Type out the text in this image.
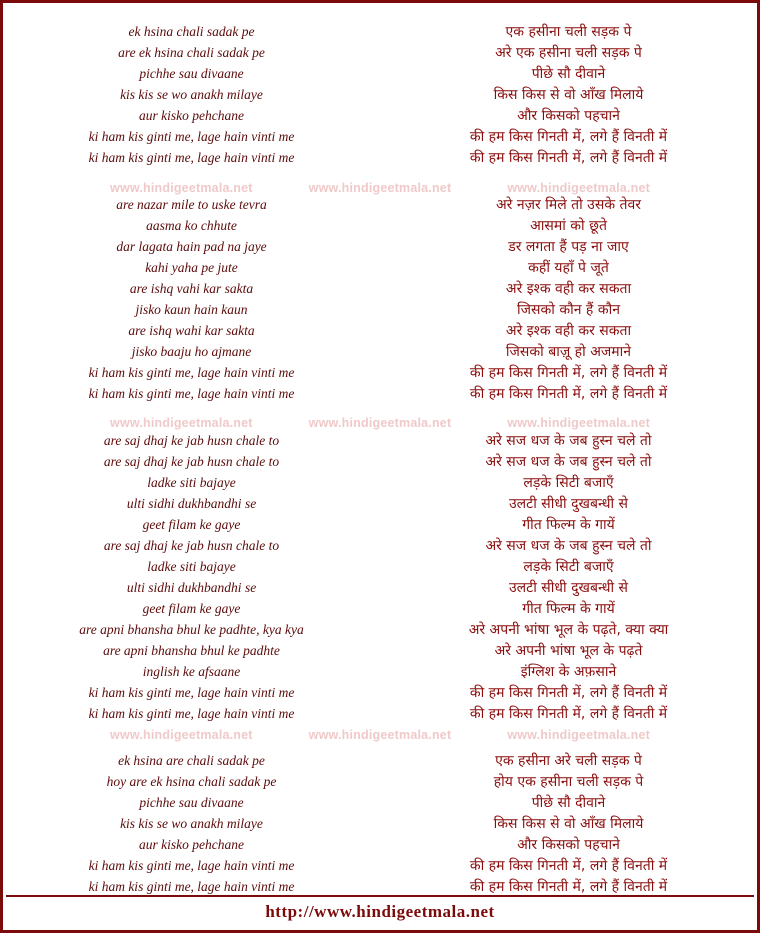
ek hsina chali sadak pe	एक हसीना चली सड़क पे
are ek hsina chali sadak pe	अरे एक हसीना चली सड़क पे
pichhe sau divaane	पीछे सौ दीवाने
kis kis se wo anakh milaye	किस किस से वो आँख मिलाये
aur kisko pehchane	और किसको पहचाने
ki ham kis ginti me, lage hain vinti me	की हम किस गिनती में, लगे हैं विनती में
ki ham kis ginti me, lage hain vinti me	की हम किस गिनती में, लगे हैं विनती में
are nazar mile to uske tevra	अरे नज़र मिले तो उसके तेवर
aasma ko chhute	आसमां को छूते
dar lagata hain pad na jaye	डर लगता हैं पड़ ना जाए
kahi yaha pe jute	कहीं यहाँ पे जूते
are ishq vahi kar sakta	अरे इश्क वही कर सकता
jisko kaun hain kaun	जिसको कौन हैं कौन
are ishq wahi kar sakta	अरे इश्क वही कर सकता
jisko baaju ho ajmane	जिसको बाज़ू हो अजमाने
ki ham kis ginti me, lage hain vinti me	की हम किस गिनती में, लगे हैं विनती में
ki ham kis ginti me, lage hain vinti me	की हम किस गिनती में, लगे हैं विनती में
are saj dhaj ke jab husn chale to	अरे सज धज के जब हुस्न चले तो
are saj dhaj ke jab husn chale to	अरे सज धज के जब हुस्न चले तो
ladke siti bajaye	लड़के सिटी बजाएँ
ulti sidhi dukhbandhi se	उलटी सीधी दुखबन्धी से
geet filam ke gaye	गीत फिल्म के गायें
are saj dhaj ke jab husn chale to	अरे सज धज के जब हुस्न चले तो
ladke siti bajaye	लड़के सिटी बजाएँ
ulti sidhi dukhbandhi se	उलटी सीधी दुखबन्धी से
geet filam ke gaye	गीत फिल्म के गायें
are apni bhansha bhul ke padhte, kya kya	अरे अपनी भांषा भूल के पढ़ते, क्या क्या
are apni bhansha bhul ke padhte	अरे अपनी भांषा भूल के पढ़ते
inglish ke afsaane	इंग्लिश के अफ़साने
ki ham kis ginti me, lage hain vinti me	की हम किस गिनती में, लगे हैं विनती में
ki ham kis ginti me, lage hain vinti me	की हम किस गिनती में, लगे हैं विनती में
ek hsina are chali sadak pe	एक हसीना अरे चली सड़क पे
hoy are ek hsina chali sadak pe	होय एक हसीना चली सड़क पे
pichhe sau divaane	पीछे सौ दीवाने
kis kis se wo anakh milaye	किस किस से वो आँख मिलाये
aur kisko pehchane	और किसको पहचाने
ki ham kis ginti me, lage hain vinti me	की हम किस गिनती में, लगे हैं विनती में
ki ham kis ginti me, lage hain vinti me	की हम किस गिनती में, लगे हैं विनती में
http://www.hindigeetmala.net
www.hindigeetmala.net	www.hindigeetmala.net	www.hindigeetmala.net
www.hindigeetmala.net	www.hindigeetmala.net	www.hindigeetmala.net
www.hindigeetmala.net	www.hindigeetmala.net	www.hindigeetmala.net
